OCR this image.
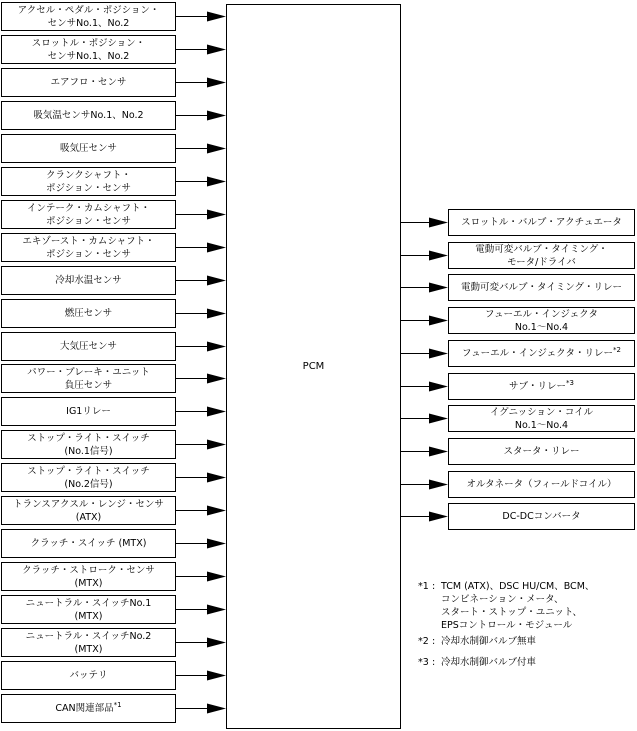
PCM
アクセル・ペダル・ポジション・
センサNo.1、No.2
スロットル・ポジション・
センサNo.1、No.2
エアフロ・センサ
吸気温センサNo.1、No.2
吸気圧センサ
クランクシャフト・
ポジション・センサ
インテーク・カムシャフト・
ポジション・センサ
エキゾースト・カムシャフト・
ポジション・センサ
冷却水温センサ
燃圧センサ
大気圧センサ
パワー・ブレーキ・ユニット
負圧センサ
IG1リレー
ストップ・ライト・スイッチ
(No.1信号)
ストップ・ライト・スイッチ
(No.2信号)
トランスアクスル・レンジ・センサ
(ATX)
クラッチ・スイッチ (MTX)
クラッチ・ストローク・センサ
(MTX)
ニュートラル・スイッチNo.1
(MTX)
ニュートラル・スイッチNo.2
(MTX)
バッテリ
CAN関連部品$^{*1}$
スロットル・バルブ・アクチュエータ
電動可変バルブ・タイミング・
モータ/ドライバ
電動可変バルブ・タイミング・リレー
フューエル・インジェクタ
No.1〜No.4
フューエル・インジェクタ・リレー$^{*2}$
サブ・リレー$^{*3}$
イグニッション・コイル
No.1〜No.4
スタータ・リレー
オルタネータ（フィールドコイル）
DC-DCコンバータ
*1 : TCM (ATX)、DSC HU/CM、BCM、
コンビネーション・メータ、
スタート・ストップ・ユニット、
EPSコントロール・モジュール
*2 : 冷却水制御バルブ無車
*3 : 冷却水制御バルブ付車
